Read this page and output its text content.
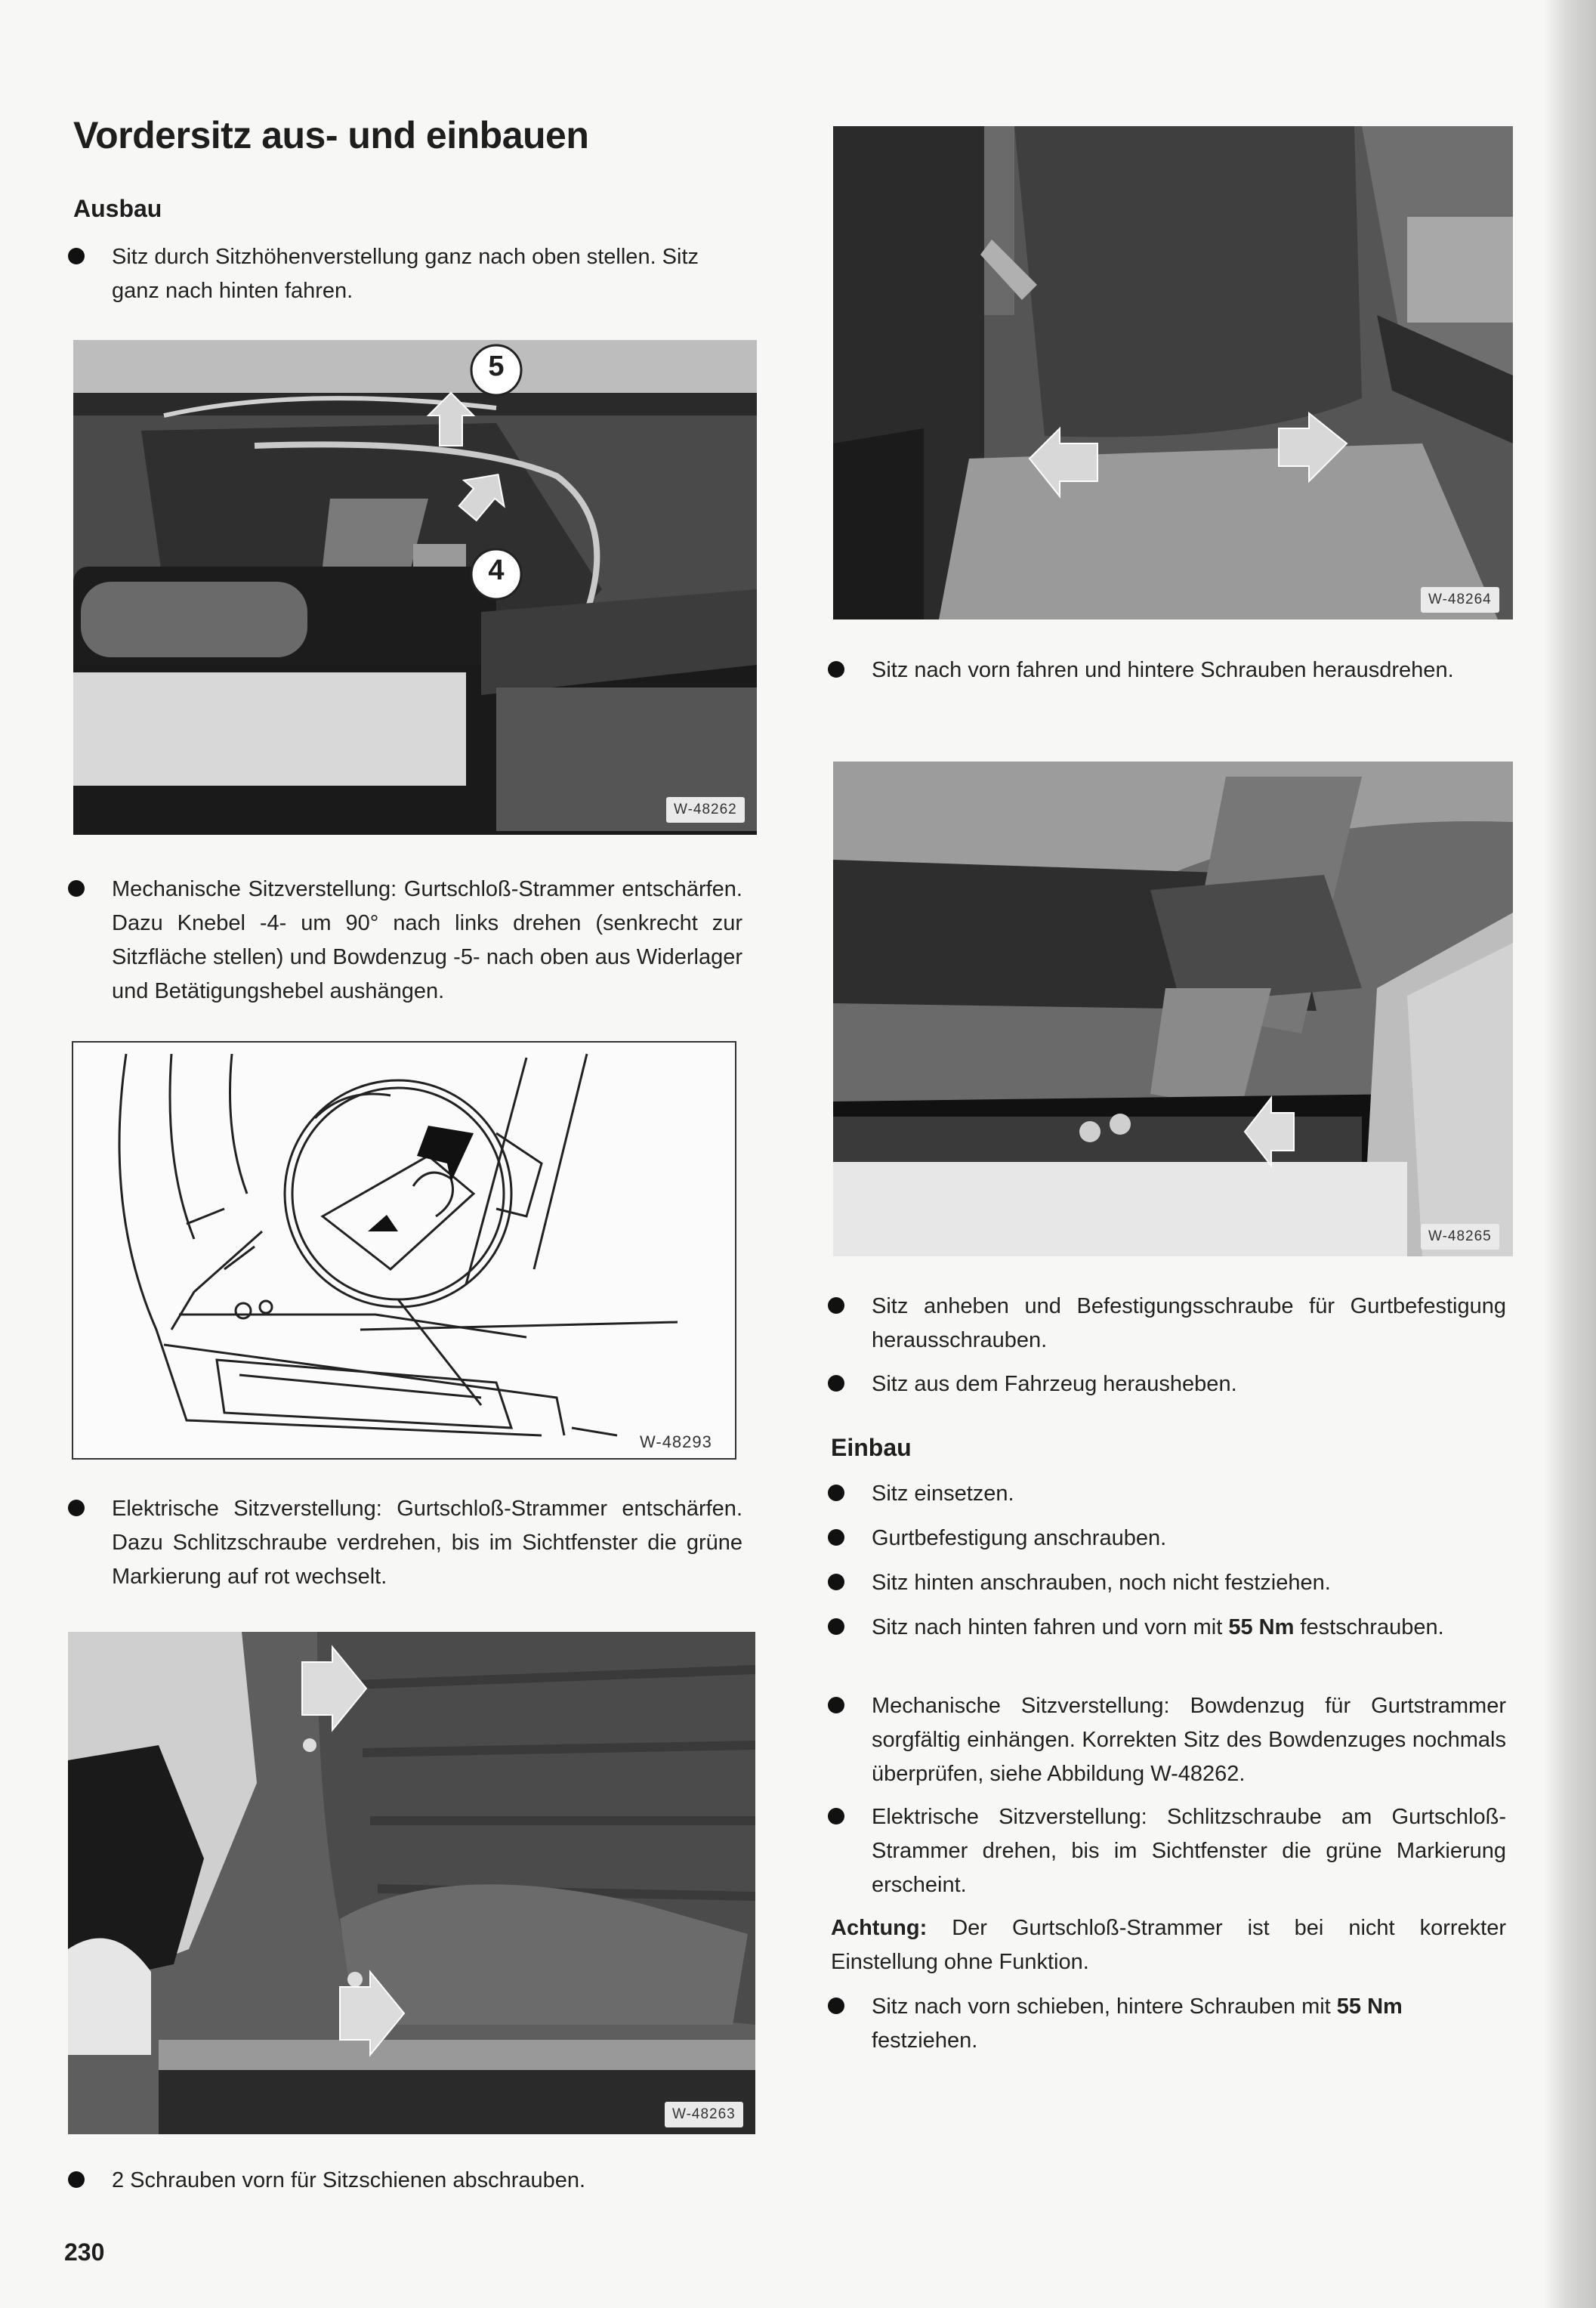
Vordersitz aus- und einbauen
Ausbau
Sitz durch Sitzhöhenverstellung ganz nach oben stellen. Sitz ganz nach hinten fahren.
5
4
W-48262
Mechanische Sitzverstellung: Gurtschloß-Strammer entschärfen. Dazu Knebel -4- um 90° nach links drehen (senkrecht zur Sitzfläche stellen) und Bowdenzug -5- nach oben aus Widerlager und Betätigungshebel aushängen.
W-48293
Elektrische Sitzverstellung: Gurtschloß-Strammer entschärfen. Dazu Schlitzschraube verdrehen, bis im Sichtfenster die grüne Markierung auf rot wechselt.
W-48263
2 Schrauben vorn für Sitzschienen abschrauben.
230
W-48264
Sitz nach vorn fahren und hintere Schrauben herausdrehen.
W-48265
Sitz anheben und Befestigungsschraube für Gurtbefestigung herausschrauben.
Sitz aus dem Fahrzeug herausheben.
Einbau
Sitz einsetzen.
Gurtbefestigung anschrauben.
Sitz hinten anschrauben, noch nicht festziehen.
Sitz nach hinten fahren und vorn mit 55 Nm festschrauben.
Mechanische Sitzverstellung: Bowdenzug für Gurtstrammer sorgfältig einhängen. Korrekten Sitz des Bowdenzuges nochmals überprüfen, siehe Abbildung W-48262.
Elektrische Sitzverstellung: Schlitzschraube am Gurtschloß-Strammer drehen, bis im Sichtfenster die grüne Markierung erscheint.
Achtung: Der Gurtschloß-Strammer ist bei nicht korrekter Einstellung ohne Funktion.
Sitz nach vorn schieben, hintere Schrauben mit 55 Nm festziehen.
